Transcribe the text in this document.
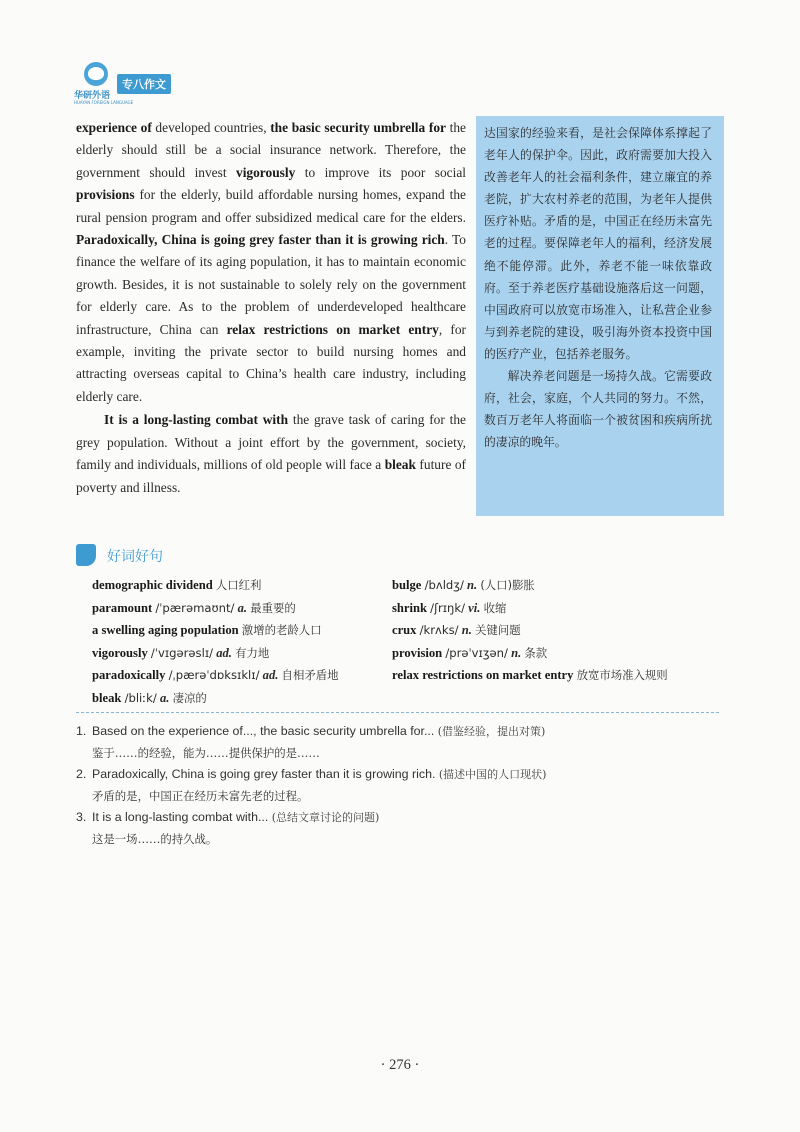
华研外语
HUAYAN FOREIGN LANGUAGE
专八作文

experience of developed countries, the basic security umbrella for the elderly should still be a social insurance network. Therefore, the government should invest vigorously to improve its poor social provisions for the elderly, build affordable nursing homes, expand the rural pension program and offer subsidized medical care for the elders. Paradoxically, China is going grey faster than it is growing rich. To finance the welfare of its aging population, it has to maintain economic growth. Besides, it is not sustainable to solely rely on the government for elderly care. As to the problem of underdeveloped healthcare infrastructure, China can relax restrictions on market entry, for example, inviting the private sector to build nursing homes and attracting overseas capital to China’s health care industry, including elderly care.

It is a long-lasting combat with the grave task of caring for the grey population. Without a joint effort by the government, society, family and individuals, millions of old people will face a bleak future of poverty and illness.

达国家的经验来看，是社会保障体系撑起了老年人的保护伞。因此，政府需要加大投入改善老年人的社会福利条件，建立廉宜的养老院，扩大农村养老的范围，为老年人提供医疗补贴。矛盾的是，中国正在经历未富先老的过程。要保障老年人的福利，经济发展绝不能停滞。此外，养老不能一味依靠政府。至于养老医疗基础设施落后这一问题，中国政府可以放宽市场准入，让私营企业参与到养老院的建设，吸引海外资本投资中国的医疗产业，包括养老服务。

解决养老问题是一场持久战。它需要政府，社会，家庭，个人共同的努力。不然，数百万老年人将面临一个被贫困和疾病所扰的凄凉的晚年。

好词好句
demographic dividend 人口红利
paramount /ˈpærəmaʊnt/ a. 最重要的
a swelling aging population 激增的老龄人口
vigorously /ˈvɪgərəslɪ/ ad. 有力地
paradoxically /ˌpærəˈdɒksɪklɪ/ ad. 自相矛盾地
bleak /bliːk/ a. 凄凉的
bulge /bʌldʒ/ n. (人口)膨胀
shrink /ʃrɪŋk/ vi. 收缩
crux /krʌks/ n. 关键问题
provision /prəˈvɪʒən/ n. 条款
relax restrictions on market entry 放宽市场准入规则
1. Based on the experience of..., the basic security umbrella for... (借鉴经验，提出对策)
鉴于……的经验，能为……提供保护的是……
2. Paradoxically, China is going grey faster than it is growing rich. (描述中国的人口现状)
矛盾的是，中国正在经历未富先老的过程。
3. It is a long-lasting combat with... (总结文章讨论的问题)
这是一场……的持久战。
· 276 ·
